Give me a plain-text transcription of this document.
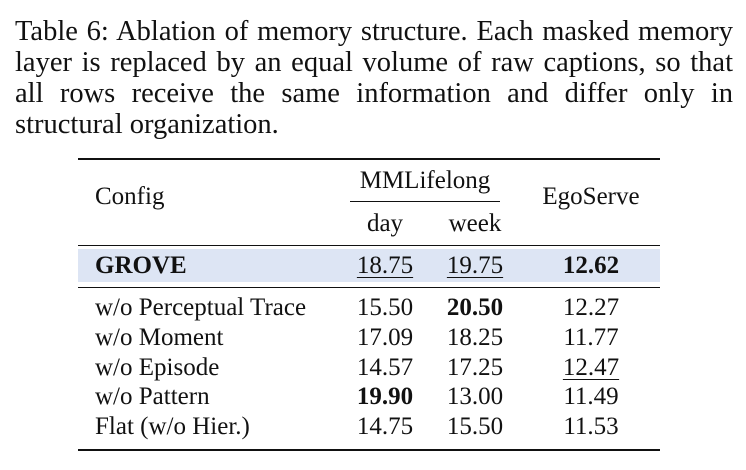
Table 6: Ablation of memory structure. Each masked memory layer is replaced by an equal volume of raw captions, so that all rows receive the same information and differ only in structural organization.
Config
MMLifelong
day	week
EgoServe
GROVE	18.75 19.75	12.62
w/o Perceptual Trace 15.50 20.50	12.27
w/o Moment	17.09 18.25	11.77
w/o Episode	14.57 17.25	12.47
w/o Pattern	19.90 13.00	11.49
Flat (w/o Hier.)	14.75 15.50	11.53
